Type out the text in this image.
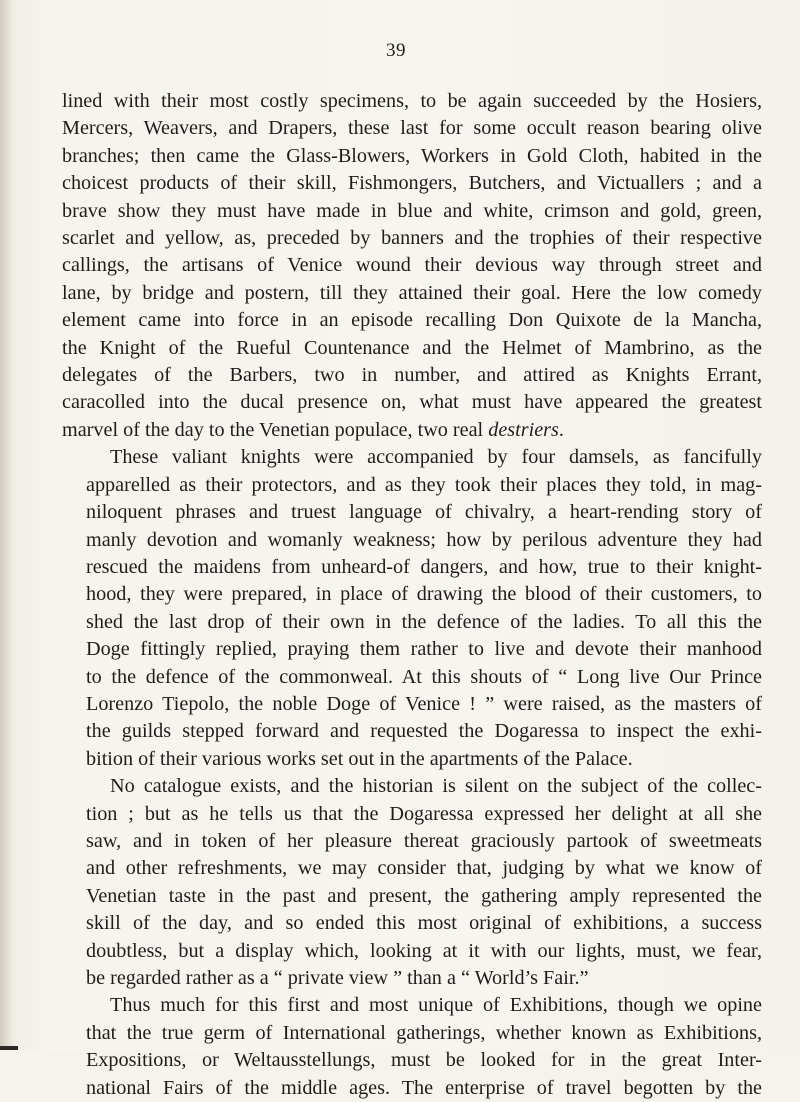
39

lined with their most costly specimens, to be again succeeded by the Hosiers,
Mercers, Weavers, and Drapers, these last for some occult reason bearing olive
branches; then came the Glass-Blowers, Workers in Gold Cloth, habited in the
choicest products of their skill, Fishmongers, Butchers, and Victuallers ; and a
brave show they must have made in blue and white, crimson and gold, green,
scarlet and yellow, as, preceded by banners and the trophies of their respective
callings, the artisans of Venice wound their devious way through street and
lane, by bridge and postern, till they attained their goal. Here the low comedy
element came into force in an episode recalling Don Quixote de la Mancha,
the Knight of the Rueful Countenance and the Helmet of Mambrino, as the
delegates of the Barbers, two in number, and attired as Knights Errant,
caracolled into the ducal presence on, what must have appeared the greatest
marvel of the day to the Venetian populace, two real destriers.

These valiant knights were accompanied by four damsels, as fancifully
apparelled as their protectors, and as they took their places they told, in mag-
niloquent phrases and truest language of chivalry, a heart-rending story of
manly devotion and womanly weakness; how by perilous adventure they had
rescued the maidens from unheard-of dangers, and how, true to their knight-
hood, they were prepared, in place of drawing the blood of their customers, to
shed the last drop of their own in the defence of the ladies. To all this the
Doge fittingly replied, praying them rather to live and devote their manhood
to the defence of the commonweal. At this shouts of “ Long live Our Prince
Lorenzo Tiepolo, the noble Doge of Venice ! ” were raised, as the masters of
the guilds stepped forward and requested the Dogaressa to inspect the exhi-
bition of their various works set out in the apartments of the Palace.

No catalogue exists, and the historian is silent on the subject of the collec-
tion ; but as he tells us that the Dogaressa expressed her delight at all she
saw, and in token of her pleasure thereat graciously partook of sweetmeats
and other refreshments, we may consider that, judging by what we know of
Venetian taste in the past and present, the gathering amply represented the
skill of the day, and so ended this most original of exhibitions, a success
doubtless, but a display which, looking at it with our lights, must, we fear,
be regarded rather as a “ private view ” than a “ World’s Fair.”

Thus much for this first and most unique of Exhibitions, though we opine
that the true germ of International gatherings, whether known as Exhibitions,
Expositions, or Weltausstellungs, must be looked for in the great Inter-
national Fairs of the middle ages. The enterprise of travel begotten by the
